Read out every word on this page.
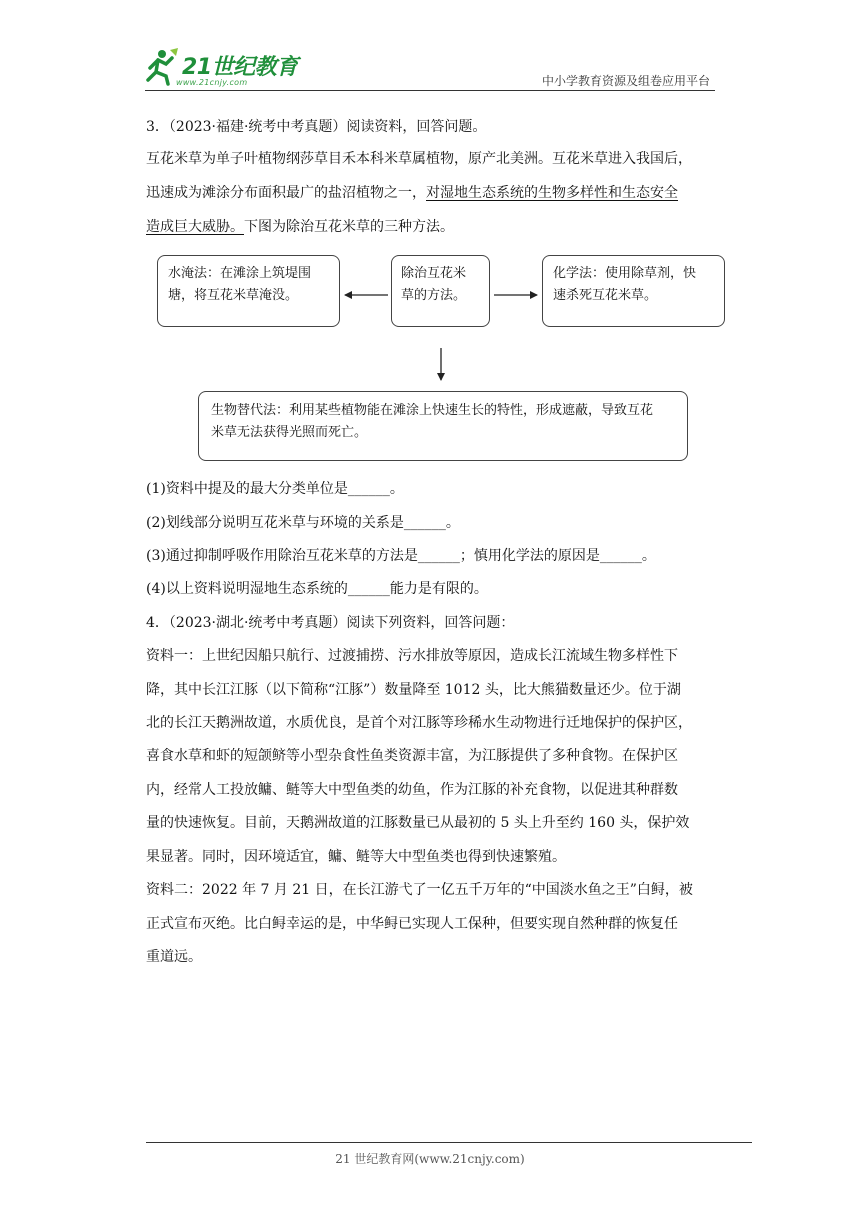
21世纪教育
www.21cnjy.com	中小学教育资源及组卷应用平台

3．（2023·福建·统考中考真题）阅读资料，回答问题。

互花米草为单子叶植物纲莎草目禾本科米草属植物，原产北美洲。互花米草进入我国后，

迅速成为滩涂分布面积最广的盐沼植物之一，对湿地生态系统的生物多样性和生态安全

造成巨大威胁。下图为除治互花米草的三种方法。

水淹法：在滩涂上筑堤围
塘，将互花米草淹没。
除治互花米
草的方法。
化学法：使用除草剂，快
速杀死互花米草。
生物替代法：利用某些植物能在滩涂上快速生长的特性，形成遮蔽，导致互花
米草无法获得光照而死亡。

(1)资料中提及的最大分类单位是______。

(2)划线部分说明互花米草与环境的关系是______。

(3)通过抑制呼吸作用除治互花米草的方法是______；慎用化学法的原因是______。

(4)以上资料说明湿地生态系统的______能力是有限的。

4．（2023·湖北·统考中考真题）阅读下列资料，回答问题：

资料一：上世纪因船只航行、过渡捕捞、污水排放等原因，造成长江流域生物多样性下

降，其中长江江豚（以下简称“江豚”）数量降至 1012 头，比大熊猫数量还少。位于湖

北的长江天鹅洲故道，水质优良，是首个对江豚等珍稀水生动物进行迁地保护的保护区，

喜食水草和虾的短颌鲚等小型杂食性鱼类资源丰富，为江豚提供了多种食物。在保护区

内，经常人工投放鳙、鲢等大中型鱼类的幼鱼，作为江豚的补充食物，以促进其种群数

量的快速恢复。目前，天鹅洲故道的江豚数量已从最初的 5 头上升至约 160 头，保护效

果显著。同时，因环境适宜，鳙、鲢等大中型鱼类也得到快速繁殖。

资料二：2022 年 7 月 21 日，在长江游弋了一亿五千万年的“中国淡水鱼之王”白鲟，被

正式宣布灭绝。比白鲟幸运的是，中华鲟已实现人工保种，但要实现自然种群的恢复任

重道远。

21 世纪教育网(www.21cnjy.com)
